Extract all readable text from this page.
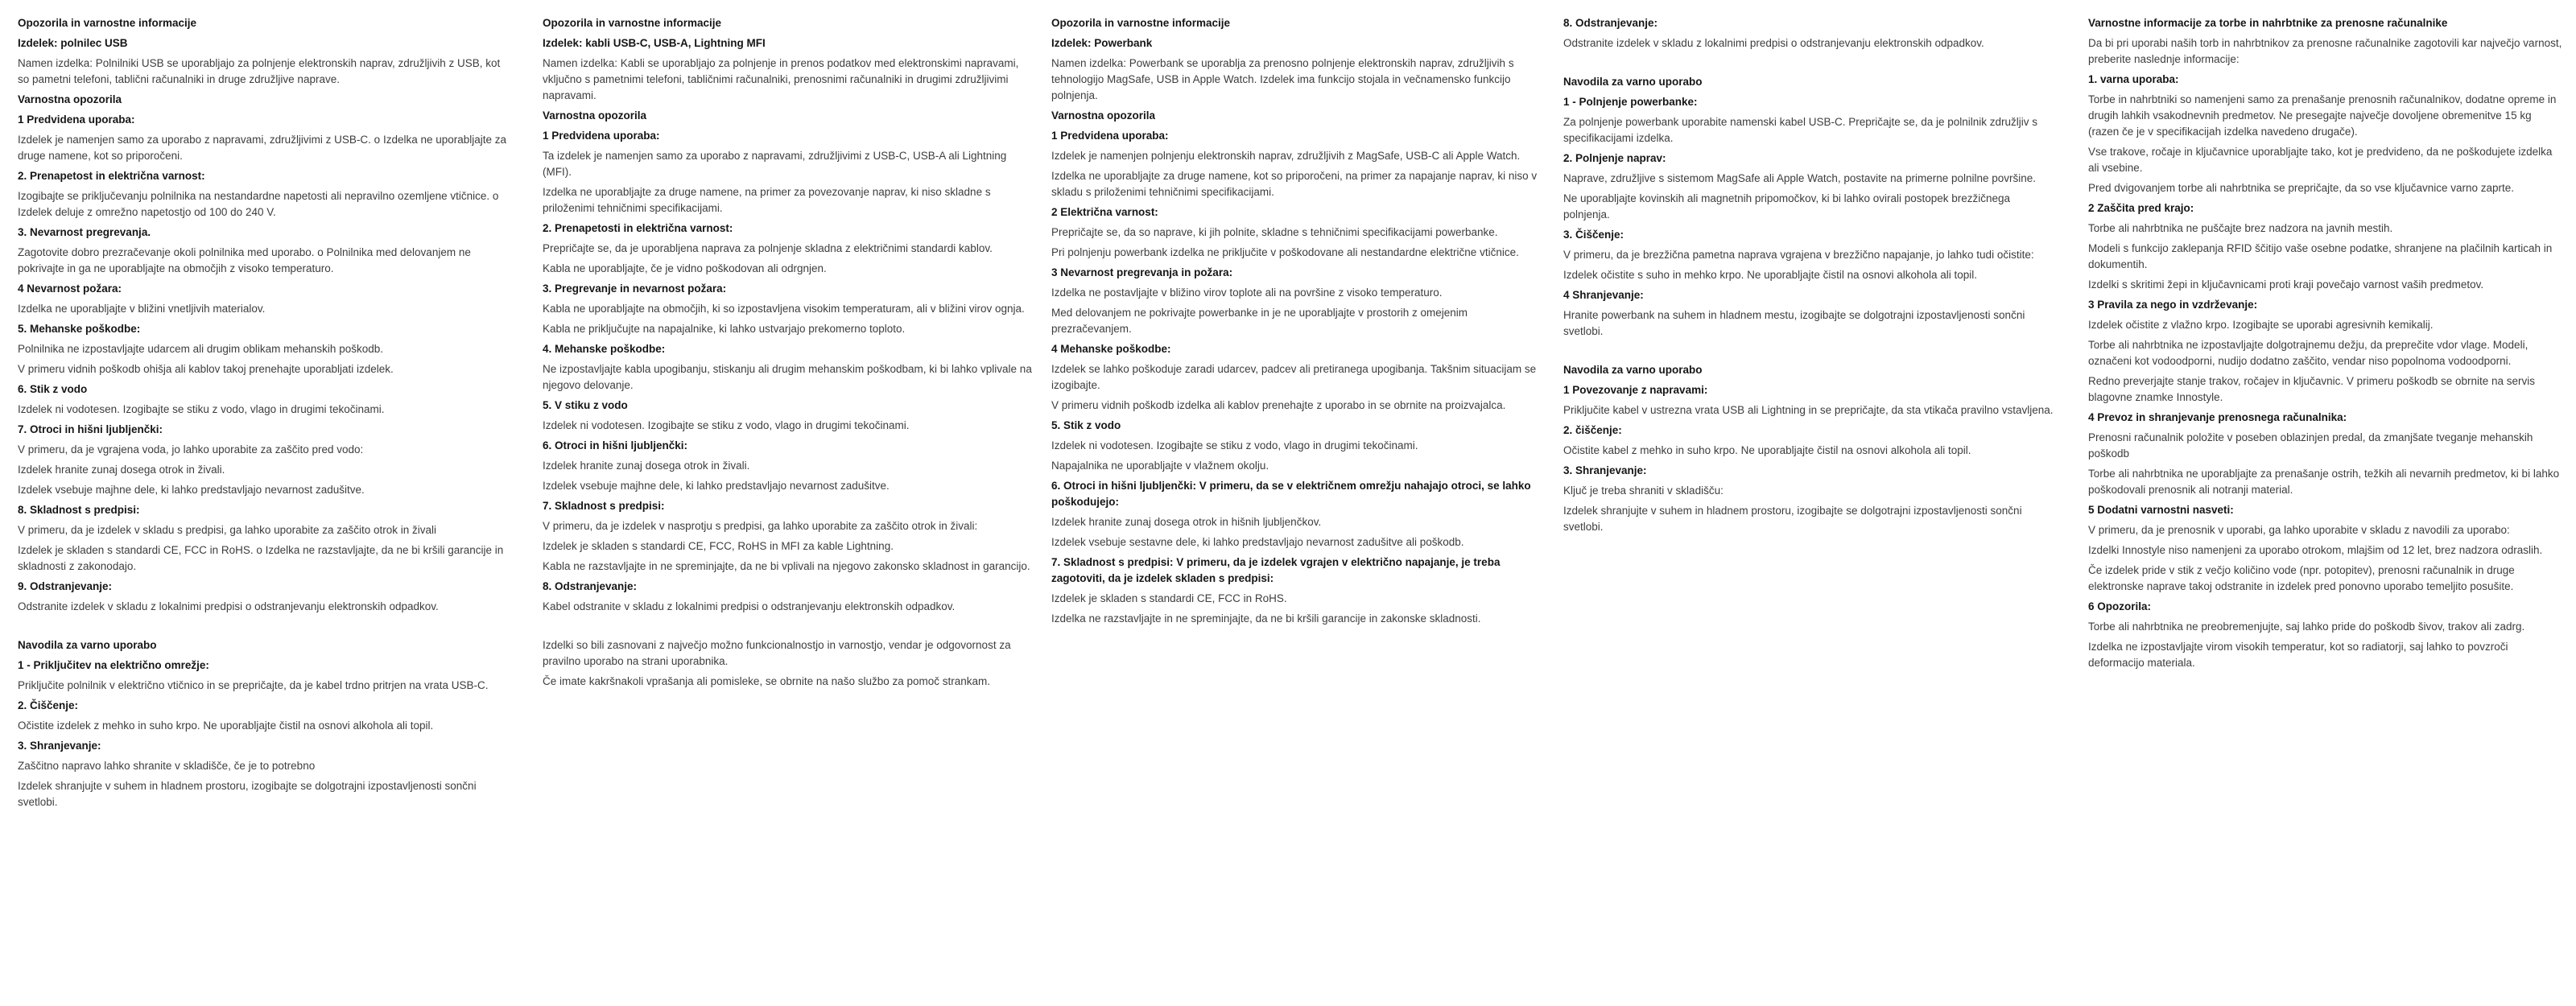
Opozorila in varnostne informacije
Izdelek: polnilec USB

Namen izdelka: Polnilniki USB se uporabljajo za polnjenje elektronskih naprav, združljivih z USB, kot so pametni telefoni, tablični računalniki in druge združljive naprave.

Varnostna opozorila
1 Predvidena uporaba:

Izdelek je namenjen samo za uporabo z napravami, združljivimi z USB-C. o Izdelka ne uporabljajte za druge namene, kot so priporočeni.

2. Prenapetost in električna varnost:

Izogibajte se priključevanju polnilnika na nestandardne napetosti ali nepravilno ozemljene vtičnice. o Izdelek deluje z omrežno napetostjo od 100 do 240 V.

3. Nevarnost pregrevanja.

Zagotovite dobro prezračevanje okoli polnilnika med uporabo. o Polnilnika med delovanjem ne pokrivajte in ga ne uporabljajte na območjih z visoko temperaturo.

4 Nevarnost požara:

Izdelka ne uporabljajte v bližini vnetljivih materialov.

5. Mehanske poškodbe:

Polnilnika ne izpostavljajte udarcem ali drugim oblikam mehanskih poškodb.

V primeru vidnih poškodb ohišja ali kablov takoj prenehajte uporabljati izdelek.

6. Stik z vodo

Izdelek ni vodotesen. Izogibajte se stiku z vodo, vlago in drugimi tekočinami.

7. Otroci in hišni ljubljenčki:

V primeru, da je vgrajena voda, jo lahko uporabite za zaščito pred vodo:

Izdelek hranite zunaj dosega otrok in živali.

Izdelek vsebuje majhne dele, ki lahko predstavljajo nevarnost zadušitve.

8. Skladnost s predpisi:

V primeru, da je izdelek v skladu s predpisi, ga lahko uporabite za zaščito otrok in živali

Izdelek je skladen s standardi CE, FCC in RoHS. o Izdelka ne razstavljajte, da ne bi kršili garancije in skladnosti z zakonodajo.

9. Odstranjevanje:

Odstranite izdelek v skladu z lokalnimi predpisi o odstranjevanju elektronskih odpadkov.

Navodila za varno uporabo
1 - Priključitev na električno omrežje:

Priključite polnilnik v električno vtičnico in se prepričajte, da je kabel trdno pritrjen na vrata USB-C.

2. Čiščenje:

Očistite izdelek z mehko in suho krpo. Ne uporabljajte čistil na osnovi alkohola ali topil.

3. Shranjevanje:

Zaščitno napravo lahko shranite v skladišče, če je to potrebno

Izdelek shranjujte v suhem in hladnem prostoru, izogibajte se dolgotrajni izpostavljenosti sončni svetlobi.

Opozorila in varnostne informacije
Izdelek: kabli USB-C, USB-A, Lightning MFI

Namen izdelka: Kabli se uporabljajo za polnjenje in prenos podatkov med elektronskimi napravami, vključno s pametnimi telefoni, tabličnimi računalniki, prenosnimi računalniki in drugimi združljivimi napravami.

Varnostna opozorila
1 Predvidena uporaba:

Ta izdelek je namenjen samo za uporabo z napravami, združljivimi z USB-C, USB-A ali Lightning (MFI).

Izdelka ne uporabljajte za druge namene, na primer za povezovanje naprav, ki niso skladne s priloženimi tehničnimi specifikacijami.

2. Prenapetosti in električna varnost:

Prepričajte se, da je uporabljena naprava za polnjenje skladna z električnimi standardi kablov.

Kabla ne uporabljajte, če je vidno poškodovan ali odrgnjen.

3. Pregrevanje in nevarnost požara:

Kabla ne uporabljajte na območjih, ki so izpostavljena visokim temperaturam, ali v bližini virov ognja.

Kabla ne priključujte na napajalnike, ki lahko ustvarjajo prekomerno toploto.

4. Mehanske poškodbe:

Ne izpostavljajte kabla upogibanju, stiskanju ali drugim mehanskim poškodbam, ki bi lahko vplivale na njegovo delovanje.

5. V stiku z vodo

Izdelek ni vodotesen. Izogibajte se stiku z vodo, vlago in drugimi tekočinami.

6. Otroci in hišni ljubljenčki:

Izdelek hranite zunaj dosega otrok in živali.

Izdelek vsebuje majhne dele, ki lahko predstavljajo nevarnost zadušitve.

7. Skladnost s predpisi:

V primeru, da je izdelek v nasprotju s predpisi, ga lahko uporabite za zaščito otrok in živali:

Izdelek je skladen s standardi CE, FCC, RoHS in MFI za kable Lightning.

Kabla ne razstavljajte in ne spreminjajte, da ne bi vplivali na njegovo zakonsko skladnost in garancijo.

8. Odstranjevanje:

Kabel odstranite v skladu z lokalnimi predpisi o odstranjevanju elektronskih odpadkov.

Izdelki so bili zasnovani z največjo možno funkcionalnostjo in varnostjo, vendar je odgovornost za pravilno uporabo na strani uporabnika.

Če imate kakršnakoli vprašanja ali pomisleke, se obrnite na našo službo za pomoč strankam.

Opozorila in varnostne informacije
Izdelek: Powerbank

Namen izdelka: Powerbank se uporablja za prenosno polnjenje elektronskih naprav, združljivih s tehnologijo MagSafe, USB in Apple Watch. Izdelek ima funkcijo stojala in večnamensko funkcijo polnjenja.

Varnostna opozorila
1 Predvidena uporaba:

Izdelek je namenjen polnjenju elektronskih naprav, združljivih z MagSafe, USB-C ali Apple Watch.

Izdelka ne uporabljajte za druge namene, kot so priporočeni, na primer za napajanje naprav, ki niso v skladu s priloženimi tehničnimi specifikacijami.

2 Električna varnost:

Prepričajte se, da so naprave, ki jih polnite, skladne s tehničnimi specifikacijami powerbanke.

Pri polnjenju powerbank izdelka ne priključite v poškodovane ali nestandardne električne vtičnice.

3 Nevarnost pregrevanja in požara:

Izdelka ne postavljajte v bližino virov toplote ali na površine z visoko temperaturo.

Med delovanjem ne pokrivajte powerbanke in je ne uporabljajte v prostorih z omejenim prezračevanjem.

4 Mehanske poškodbe:

Izdelek se lahko poškoduje zaradi udarcev, padcev ali pretiranega upogibanja. Takšnim situacijam se izogibajte.

V primeru vidnih poškodb izdelka ali kablov prenehajte z uporabo in se obrnite na proizvajalca.

5. Stik z vodo

Izdelek ni vodotesen. Izogibajte se stiku z vodo, vlago in drugimi tekočinami.

Napajalnika ne uporabljajte v vlažnem okolju.

6. Otroci in hišni ljubljenčki: V primeru, da se v električnem omrežju nahajajo otroci, se lahko poškodujejo:

Izdelek hranite zunaj dosega otrok in hišnih ljubljenčkov.

Izdelek vsebuje sestavne dele, ki lahko predstavljajo nevarnost zadušitve ali poškodb.

7. Skladnost s predpisi: V primeru, da je izdelek vgrajen v električno napajanje, je treba zagotoviti, da je izdelek skladen s predpisi:

Izdelek je skladen s standardi CE, FCC in RoHS.

Izdelka ne razstavljajte in ne spreminjajte, da ne bi kršili garancije in zakonske skladnosti.

8. Odstranjevanje:

Odstranite izdelek v skladu z lokalnimi predpisi o odstranjevanju elektronskih odpadkov.

Navodila za varno uporabo
1 - Polnjenje powerbanke:

Za polnjenje powerbank uporabite namenski kabel USB-C. Prepričajte se, da je polnilnik združljiv s specifikacijami izdelka.

2. Polnjenje naprav:

Naprave, združljive s sistemom MagSafe ali Apple Watch, postavite na primerne polnilne površine.

Ne uporabljajte kovinskih ali magnetnih pripomočkov, ki bi lahko ovirali postopek brezžičnega polnjenja.

3. Čiščenje:

V primeru, da je brezžična pametna naprava vgrajena v brezžično napajanje, jo lahko tudi očistite:

Izdelek očistite s suho in mehko krpo. Ne uporabljajte čistil na osnovi alkohola ali topil.

4 Shranjevanje:

Hranite powerbank na suhem in hladnem mestu, izogibajte se dolgotrajni izpostavljenosti sončni svetlobi.

Navodila za varno uporabo
1 Povezovanje z napravami:

Priključite kabel v ustrezna vrata USB ali Lightning in se prepričajte, da sta vtikača pravilno vstavljena.

2. čiščenje:

Očistite kabel z mehko in suho krpo. Ne uporabljajte čistil na osnovi alkohola ali topil.

3. Shranjevanje:

Ključ je treba shraniti v skladišču:

Izdelek shranjujte v suhem in hladnem prostoru, izogibajte se dolgotrajni izpostavljenosti sončni svetlobi.

Varnostne informacije za torbe in nahrbtnike za prenosne računalnike

Da bi pri uporabi naših torb in nahrbtnikov za prenosne računalnike zagotovili kar največjo varnost, preberite naslednje informacije:

1. varna uporaba:

Torbe in nahrbtniki so namenjeni samo za prenašanje prenosnih računalnikov, dodatne opreme in drugih lahkih vsakodnevnih predmetov. Ne presegajte največje dovoljene obremenitve 15 kg (razen če je v specifikacijah izdelka navedeno drugače).

Vse trakove, ročaje in ključavnice uporabljajte tako, kot je predvideno, da ne poškodujete izdelka ali vsebine.

Pred dvigovanjem torbe ali nahrbtnika se prepričajte, da so vse ključavnice varno zaprte.

2 Zaščita pred krajo:

Torbe ali nahrbtnika ne puščajte brez nadzora na javnih mestih.

Modeli s funkcijo zaklepanja RFID ščitijo vaše osebne podatke, shranjene na plačilnih karticah in dokumentih.

Izdelki s skritimi žepi in ključavnicami proti kraji povečajo varnost vaših predmetov.

3 Pravila za nego in vzdrževanje:

Izdelek očistite z vlažno krpo. Izogibajte se uporabi agresivnih kemikalij.

Torbe ali nahrbtnika ne izpostavljajte dolgotrajnemu dežju, da preprečite vdor vlage. Modeli, označeni kot vodoodporni, nudijo dodatno zaščito, vendar niso popolnoma vodoodporni.

Redno preverjajte stanje trakov, ročajev in ključavnic. V primeru poškodb se obrnite na servis blagovne znamke Innostyle.

4 Prevoz in shranjevanje prenosnega računalnika:

Prenosni računalnik položite v poseben oblazinjen predal, da zmanjšate tveganje mehanskih poškodb

Torbe ali nahrbtnika ne uporabljajte za prenašanje ostrih, težkih ali nevarnih predmetov, ki bi lahko poškodovali prenosnik ali notranji material.

5 Dodatni varnostni nasveti:

V primeru, da je prenosnik v uporabi, ga lahko uporabite v skladu z navodili za uporabo:

Izdelki Innostyle niso namenjeni za uporabo otrokom, mlajšim od 12 let, brez nadzora odraslih.

Če izdelek pride v stik z večjo količino vode (npr. potopitev), prenosni računalnik in druge elektronske naprave takoj odstranite in izdelek pred ponovno uporabo temeljito posušite.

6 Opozorila:

Torbe ali nahrbtnika ne preobremenjujte, saj lahko pride do poškodb šivov, trakov ali zadrg.

Izdelka ne izpostavljajte virom visokih temperatur, kot so radiatorji, saj lahko to povzroči deformacijo materiala.
